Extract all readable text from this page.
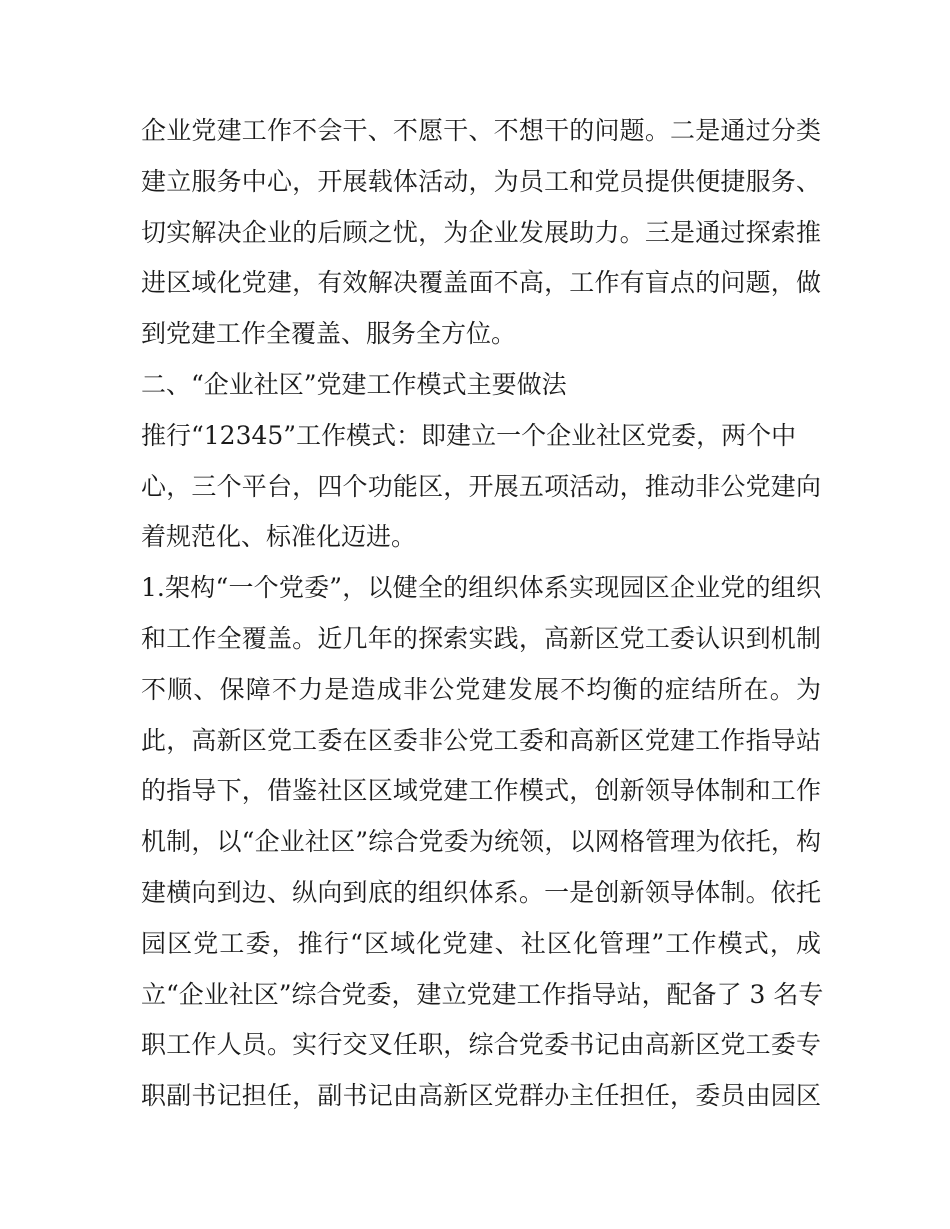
企业党建工作不会干、不愿干、不想干的问题。二是通过分类
建立服务中心，开展载体活动，为员工和党员提供便捷服务、
切实解决企业的后顾之忧，为企业发展助力。三是通过探索推
进区域化党建，有效解决覆盖面不高，工作有盲点的问题，做
到党建工作全覆盖、服务全方位。
二、“企业社区”党建工作模式主要做法
推行“12345”工作模式：即建立一个企业社区党委，两个中
心，三个平台，四个功能区，开展五项活动，推动非公党建向
着规范化、标准化迈进。
1.架构“一个党委”，以健全的组织体系实现园区企业党的组织
和工作全覆盖。近几年的探索实践，高新区党工委认识到机制
不顺、保障不力是造成非公党建发展不均衡的症结所在。为
此，高新区党工委在区委非公党工委和高新区党建工作指导站
的指导下，借鉴社区区域党建工作模式，创新领导体制和工作
机制，以“企业社区”综合党委为统领，以网格管理为依托，构
建横向到边、纵向到底的组织体系。一是创新领导体制。依托
园区党工委，推行“区域化党建、社区化管理”工作模式，成
立“企业社区”综合党委，建立党建工作指导站，配备了 3 名专
职工作人员。实行交叉任职，综合党委书记由高新区党工委专
职副书记担任，副书记由高新区党群办主任担任，委员由园区
